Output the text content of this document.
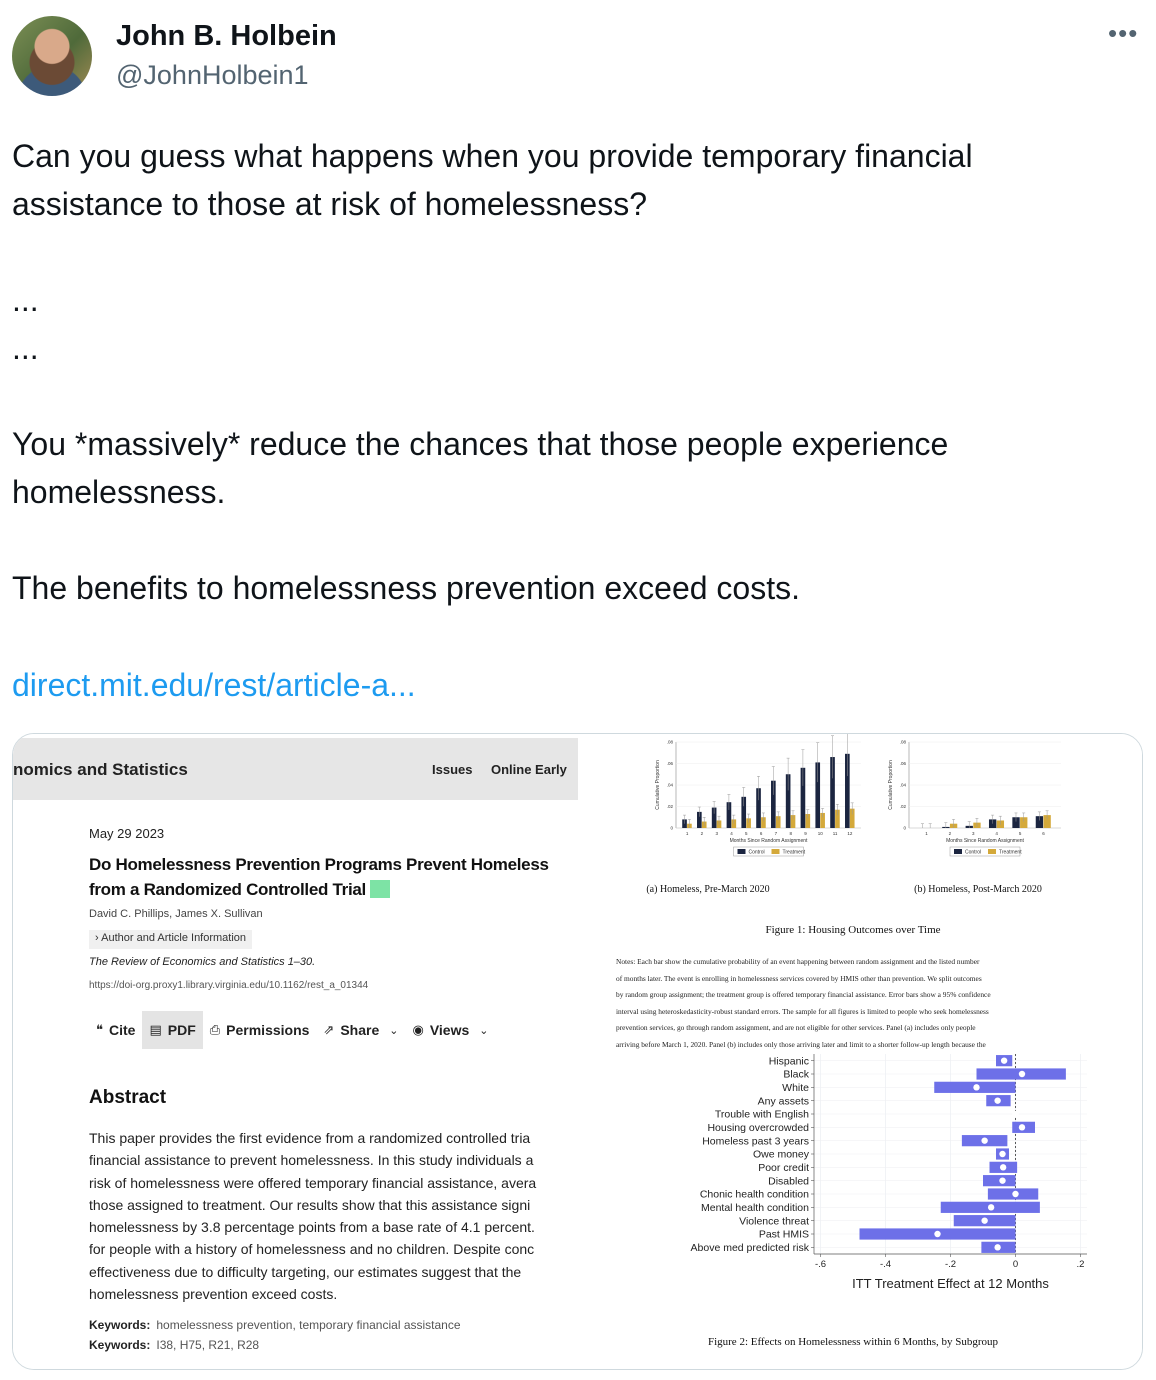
John B. Holbein
@JohnHolbein1
•••
Can you guess what happens when you provide temporary financial assistance to those at risk of homelessness?

...
...

You *massively* reduce the chances that those people experience homelessness.

The benefits to homelessness prevention exceed costs.
direct.mit.edu/rest/article-a...
nomics and Statistics	Issues Online Early
May 29 2023
Do Homelessness Prevention Programs Prevent Homeless
from a Randomized Controlled Trial
David C. Phillips, James X. Sullivan
› Author and Article Information
The Review of Economics and Statistics 1–30.
https://doi-org.proxy1.library.virginia.edu/10.1162/rest_a_01344
❝ Cite ▤ PDF ⎙ Permissions ⇗ Share ⌄ ◉ Views ⌄
Abstract
This paper provides the first evidence from a randomized controlled tria
financial assistance to prevent homelessness. In this study individuals a
risk of homelessness were offered temporary financial assistance, avera
those assigned to treatment. Our results show that this assistance signi
homelessness by 3.8 percentage points from a base rate of 4.1 percent.
for people with a history of homelessness and no children. Despite conc
effectiveness due to difficulty targeting, our estimates suggest that the
homelessness prevention exceed costs.
Keywords: homelessness prevention, temporary financial assistance
Keywords: I38, H75, R21, R28
0
.02
.04
.06
.08
1	2	3	4	5	6	7	8	9 10 11 12
Months Since Random Assignment
Cumulative Proportion
Control	Treatment
0
.02
.04
.06
.08
1	2	3	4	5	6
Months Since Random Assignment
Cumulative Proportion
Control	Treatment
(a) Homeless, Pre-March 2020	(b) Homeless, Post-March 2020
Figure 1: Housing Outcomes over Time
Hispanic
Black
White
Any assets
Trouble with English
Housing overcrowded
Homeless past 3 years
Owe money
Poor credit
Disabled
Chonic health condition
Mental health condition
Violence threat
Past HMIS
Above med predicted risk
-.6	-.4	-.2	0	.2
ITT Treatment Effect at 12 Months
Figure 2: Effects on Homelessness within 6 Months, by Subgroup
Notes: Each bar show the cumulative probability of an event happening between random assignment and the listed number
of months later. The event is enrolling in homelessness services covered by HMIS other than prevention. We split outcomes
by random group assignment; the treatment group is offered temporary financial assistance. Error bars show a 95% confidence
interval using heteroskedasticity-robust standard errors. The sample for all figures is limited to people who seek homelessness
prevention services, go through random assignment, and are not eligible for other services. Panel (a) includes only people
arriving before March 1, 2020. Panel (b) includes only those arriving later and limit to a shorter follow-up length because the
